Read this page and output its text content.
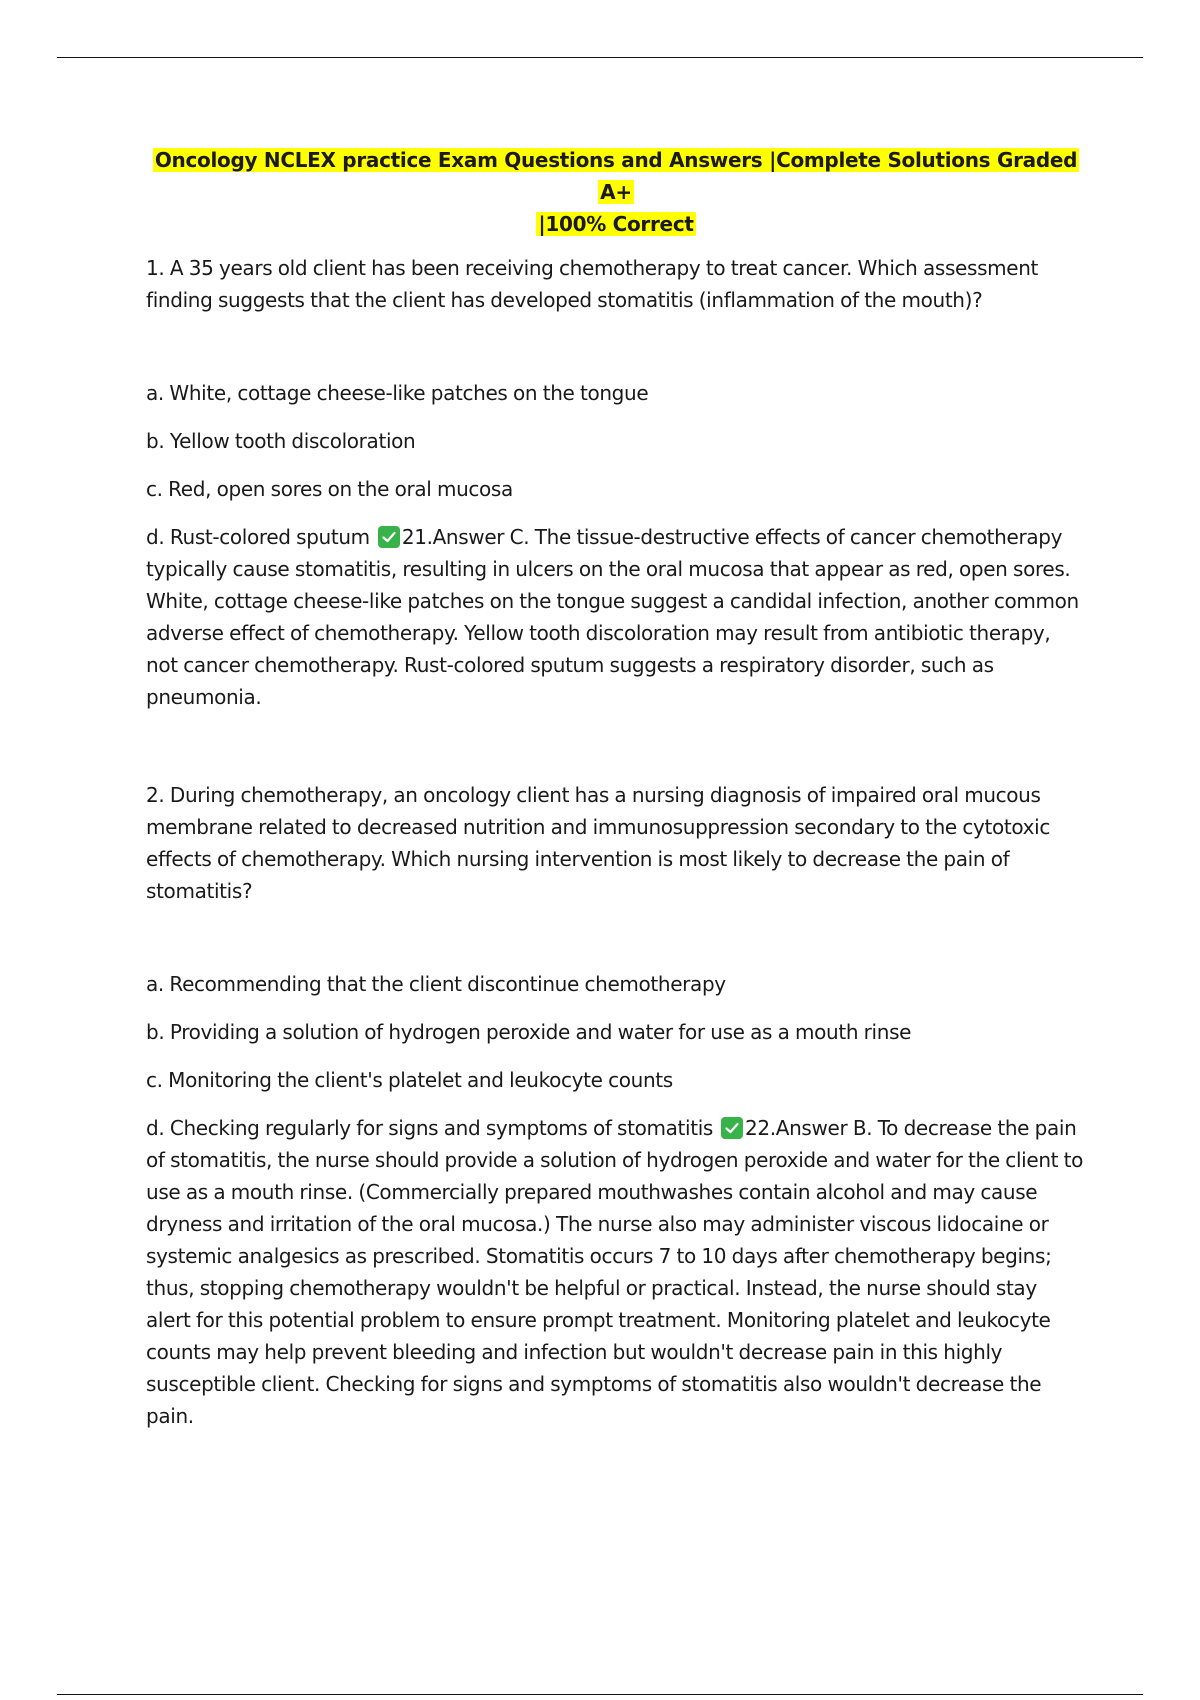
Oncology NCLEX practice Exam Questions and Answers |Complete Solutions Graded A+
|100% Correct

1. A 35 years old client has been receiving chemotherapy to treat cancer. Which assessment finding suggests that the client has developed stomatitis (inflammation of the mouth)?

a. White, cottage cheese-like patches on the tongue

b. Yellow tooth discoloration

c. Red, open sores on the oral mucosa

d. Rust-colored sputum 21.Answer C. The tissue-destructive effects of cancer chemotherapy typically cause stomatitis, resulting in ulcers on the oral mucosa that appear as red, open sores. White, cottage cheese-like patches on the tongue suggest a candidal infection, another common adverse effect of chemotherapy. Yellow tooth discoloration may result from antibiotic therapy, not cancer chemotherapy. Rust-colored sputum suggests a respiratory disorder, such as pneumonia.

2. During chemotherapy, an oncology client has a nursing diagnosis of impaired oral mucous membrane related to decreased nutrition and immunosuppression secondary to the cytotoxic effects of chemotherapy. Which nursing intervention is most likely to decrease the pain of stomatitis?

a. Recommending that the client discontinue chemotherapy

b. Providing a solution of hydrogen peroxide and water for use as a mouth rinse

c. Monitoring the client's platelet and leukocyte counts

d. Checking regularly for signs and symptoms of stomatitis 22.Answer B. To decrease the pain of stomatitis, the nurse should provide a solution of hydrogen peroxide and water for the client to use as a mouth rinse. (Commercially prepared mouthwashes contain alcohol and may cause dryness and irritation of the oral mucosa.) The nurse also may administer viscous lidocaine or systemic analgesics as prescribed. Stomatitis occurs 7 to 10 days after chemotherapy begins; thus, stopping chemotherapy wouldn't be helpful or practical. Instead, the nurse should stay alert for this potential problem to ensure prompt treatment. Monitoring platelet and leukocyte counts may help prevent bleeding and infection but wouldn't decrease pain in this highly susceptible client. Checking for signs and symptoms of stomatitis also wouldn't decrease the pain.
